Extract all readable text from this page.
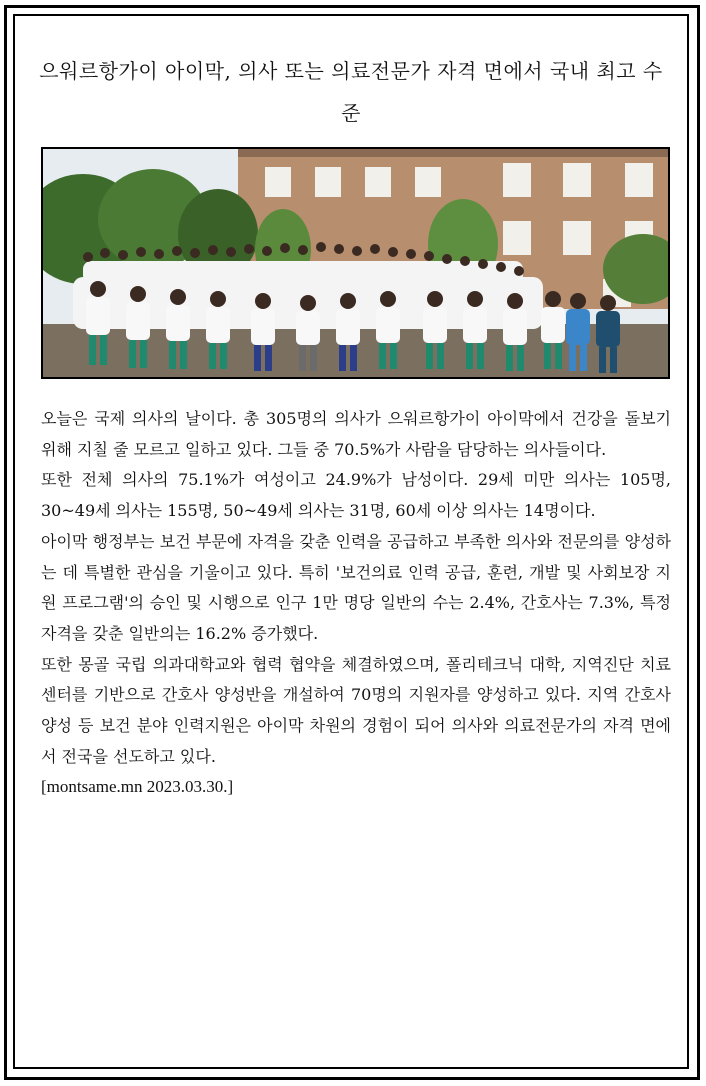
으워르항가이 아이막, 의사 또는 의료전문가 자격 면에서 국내 최고 수준

오늘은 국제 의사의 날이다. 총 305명의 의사가 으워르항가이 아이막에서 건강을 돌보기 위해 지칠 줄 모르고 일하고 있다. 그들 중 70.5%가 사람을 담당하는 의사들이다.

또한 전체 의사의 75.1%가 여성이고 24.9%가 남성이다. 29세 미만 의사는 105명, 30~49세 의사는 155명, 50~49세 의사는 31명, 60세 이상 의사는 14명이다.

아이막 행정부는 보건 부문에 자격을 갖춘 인력을 공급하고 부족한 의사와 전문의를 양성하는 데 특별한 관심을 기울이고 있다. 특히 '보건의료 인력 공급, 훈련, 개발 및 사회보장 지원 프로그램'의 승인 및 시행으로 인구 1만 명당 일반의 수는 2.4%, 간호사는 7.3%, 특정 자격을 갖춘 일반의는 16.2% 증가했다.

또한 몽골 국립 의과대학교와 협력 협약을 체결하였으며, 폴리테크닉 대학, 지역진단 치료센터를 기반으로 간호사 양성반을 개설하여 70명의 지원자를 양성하고 있다. 지역 간호사 양성 등 보건 분야 인력지원은 아이막 차원의 경험이 되어 의사와 의료전문가의 자격 면에서 전국을 선도하고 있다.

[montsame.mn 2023.03.30.]
